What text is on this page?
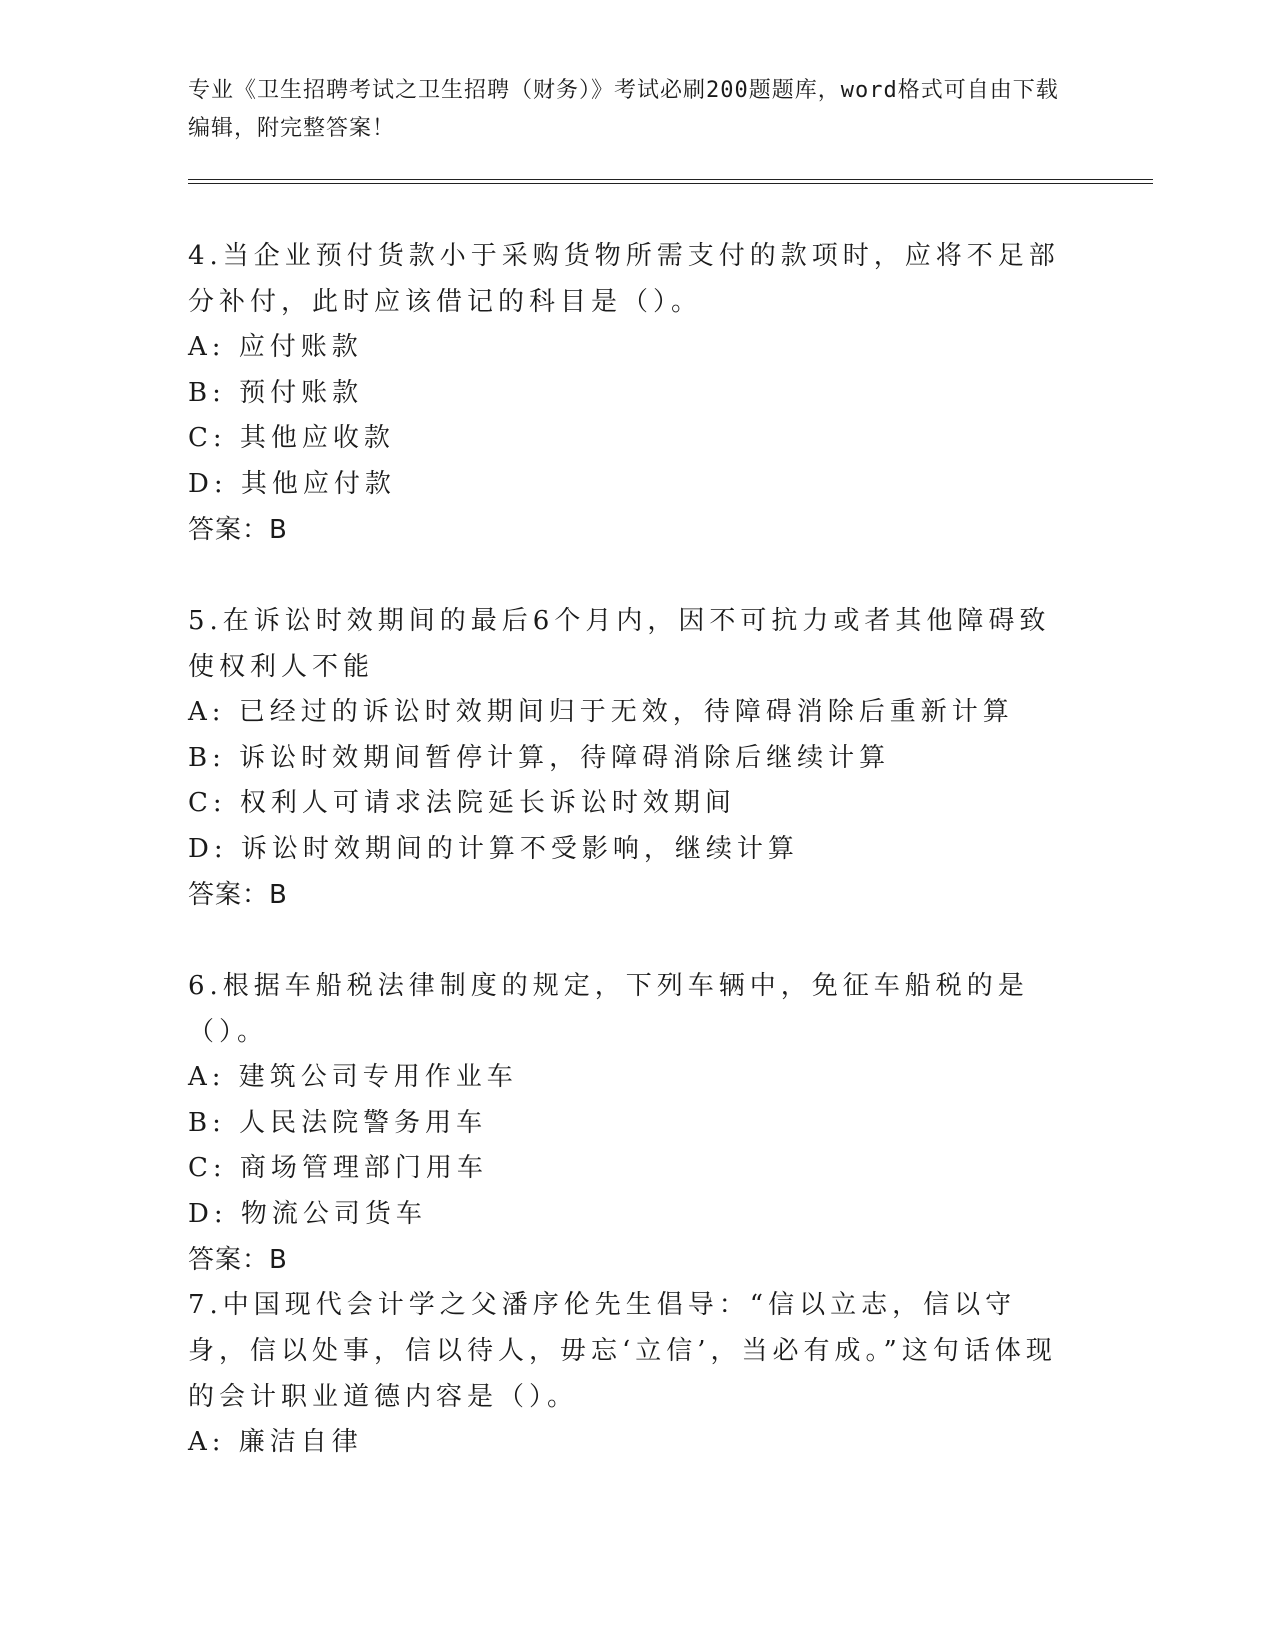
专业《卫生招聘考试之卫生招聘（财务）》考试必刷200题题库，word格式可自由下载编辑，附完整答案！

4.当企业预付货款小于采购货物所需支付的款项时，应将不足部分补付，此时应该借记的科目是（）。

A: 应付账款

B: 预付账款

C: 其他应收款

D: 其他应付款

答案：B

5.在诉讼时效期间的最后6个月内，因不可抗力或者其他障碍致使权利人不能

A: 已经过的诉讼时效期间归于无效，待障碍消除后重新计算

B: 诉讼时效期间暂停计算，待障碍消除后继续计算

C: 权利人可请求法院延长诉讼时效期间

D: 诉讼时效期间的计算不受影响，继续计算

答案：B

6.根据车船税法律制度的规定，下列车辆中，免征车船税的是（）。

A: 建筑公司专用作业车

B: 人民法院警务用车

C: 商场管理部门用车

D: 物流公司货车

答案：B

7.中国现代会计学之父潘序伦先生倡导：“信以立志，信以守身，信以处事，信以待人，毋忘‘立信’，当必有成。”这句话体现的会计职业道德内容是（）。

A: 廉洁自律
